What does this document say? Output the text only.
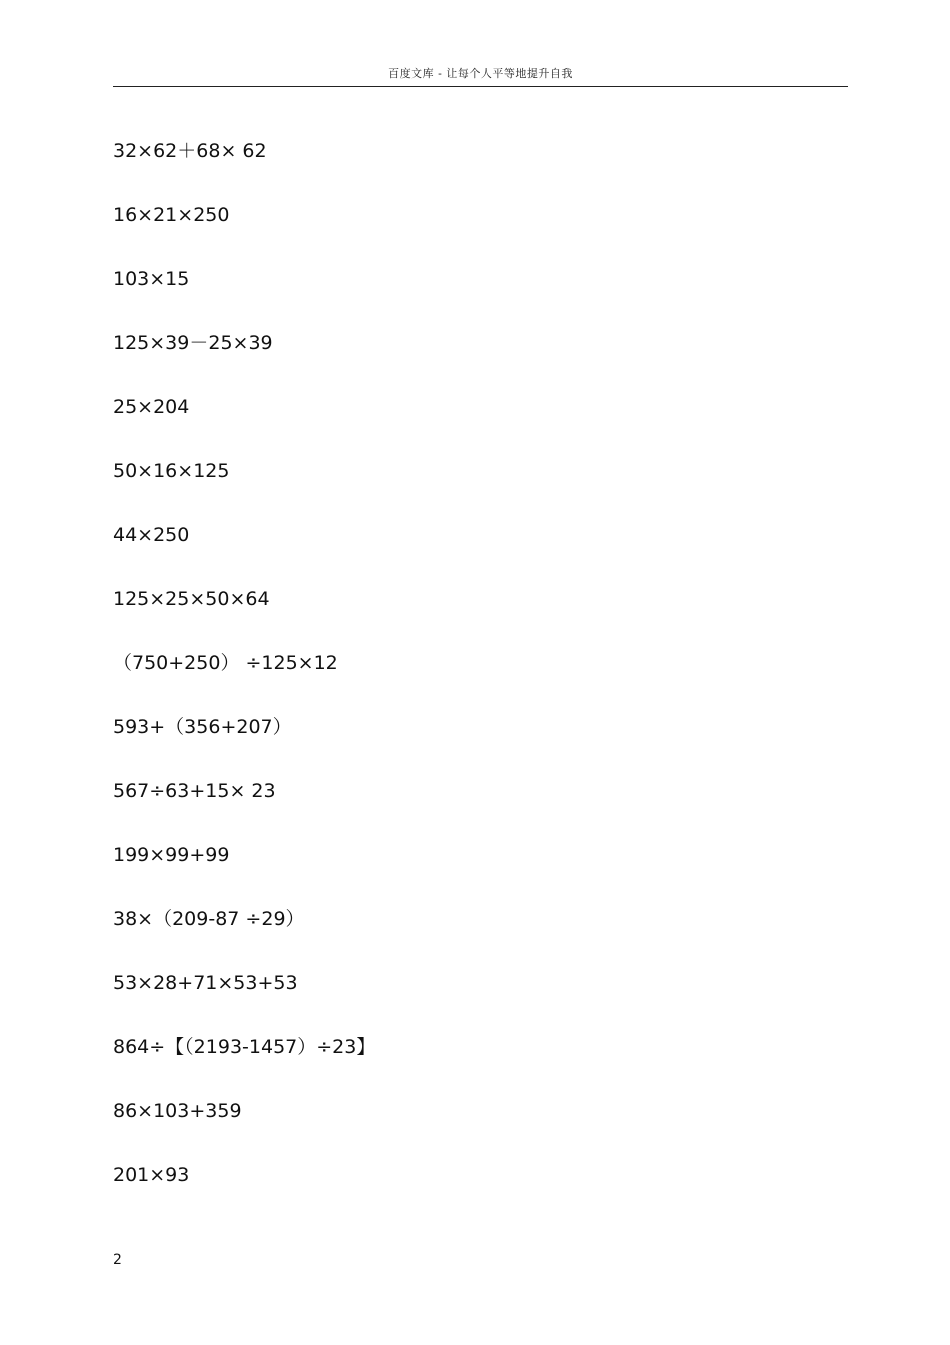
百度文库 - 让每个人平等地提升自我
32×62＋68× 62
16×21×250
103×15
125×39－25×39
25×204
50×16×125
44×250
125×25×50×64
（750+250） ÷125×12
593+（356+207）
567÷63+15× 23
199×99+99
38×（209-87 ÷29）
53×28+71×53+53
864÷【（2193-1457）÷23】
86×103+359
201×93
2
